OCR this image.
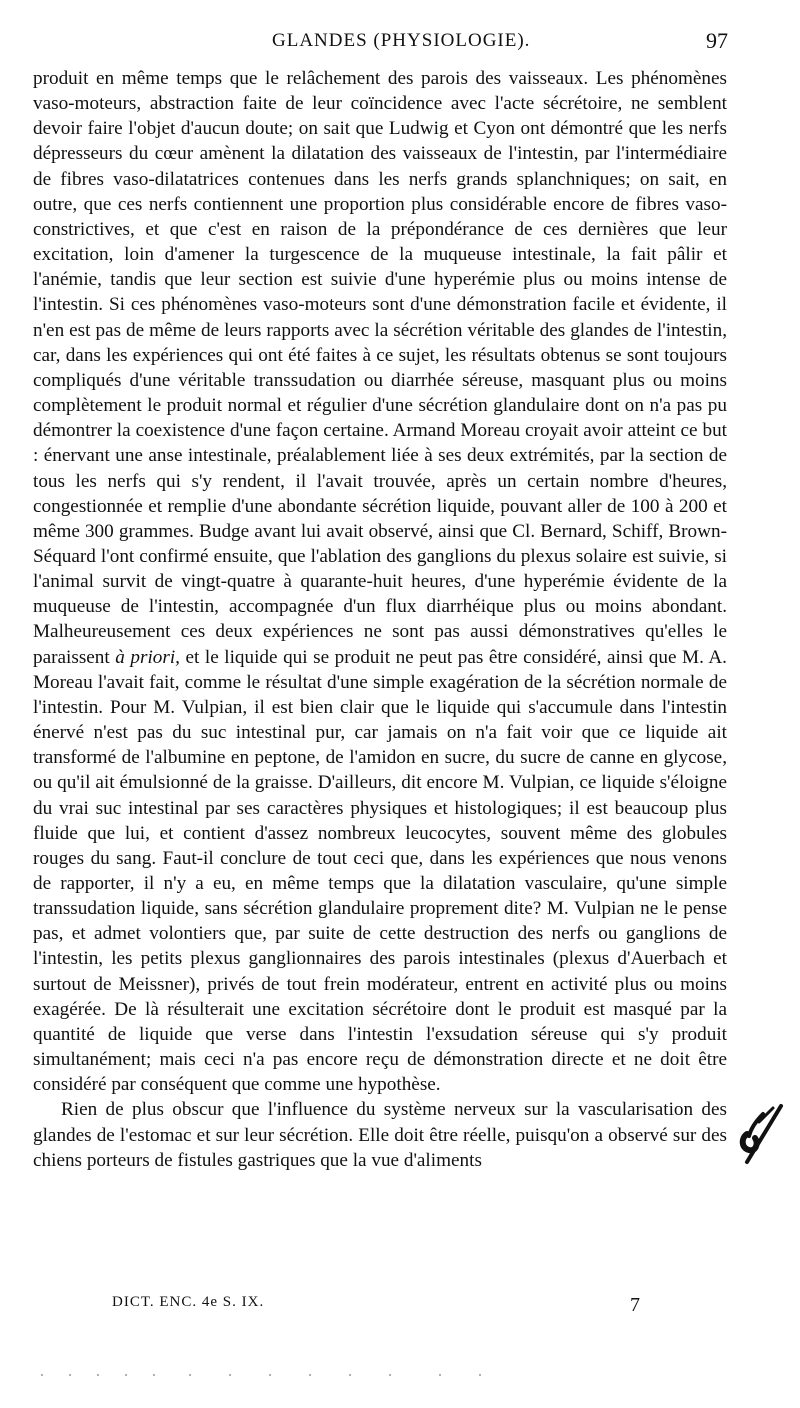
GLANDES (PHYSIOLOGIE).	97

produit en même temps que le relâchement des parois des vaisseaux. Les phénomènes vaso-moteurs, abstraction faite de leur coïncidence avec l'acte sécrétoire, ne semblent devoir faire l'objet d'aucun doute; on sait que Ludwig et Cyon ont démontré que les nerfs dépresseurs du cœur amènent la dilatation des vaisseaux de l'intestin, par l'intermédiaire de fibres vaso-dilatatrices contenues dans les nerfs grands splanchniques; on sait, en outre, que ces nerfs contiennent une proportion plus considérable encore de fibres vaso-constrictives, et que c'est en raison de la prépondérance de ces dernières que leur excitation, loin d'amener la turgescence de la muqueuse intestinale, la fait pâlir et l'anémie, tandis que leur section est suivie d'une hyperémie plus ou moins intense de l'intestin. Si ces phénomènes vaso-moteurs sont d'une démonstration facile et évidente, il n'en est pas de même de leurs rapports avec la sécrétion véritable des glandes de l'intestin, car, dans les expériences qui ont été faites à ce sujet, les résultats obtenus se sont toujours compliqués d'une véritable transsudation ou diarrhée séreuse, masquant plus ou moins complètement le produit normal et régulier d'une sécrétion glandulaire dont on n'a pas pu démontrer la coexistence d'une façon certaine. Armand Moreau croyait avoir atteint ce but : énervant une anse intestinale, préalablement liée à ses deux extrémités, par la section de tous les nerfs qui s'y rendent, il l'avait trouvée, après un certain nombre d'heures, congestionnée et remplie d'une abondante sécrétion liquide, pouvant aller de 100 à 200 et même 300 grammes. Budge avant lui avait observé, ainsi que Cl. Bernard, Schiff, Brown-Séquard l'ont confirmé ensuite, que l'ablation des ganglions du plexus solaire est suivie, si l'animal survit de vingt-quatre à quarante-huit heures, d'une hyperémie évidente de la muqueuse de l'intestin, accompagnée d'un flux diarrhéique plus ou moins abondant. Malheureusement ces deux expériences ne sont pas aussi démonstratives qu'elles le paraissent à priori, et le liquide qui se produit ne peut pas être considéré, ainsi que M. A. Moreau l'avait fait, comme le résultat d'une simple exagération de la sécrétion normale de l'intestin. Pour M. Vulpian, il est bien clair que le liquide qui s'accumule dans l'intestin énervé n'est pas du suc intestinal pur, car jamais on n'a fait voir que ce liquide ait transformé de l'albumine en peptone, de l'amidon en sucre, du sucre de canne en glycose, ou qu'il ait émulsionné de la graisse. D'ailleurs, dit encore M. Vulpian, ce liquide s'éloigne du vrai suc intestinal par ses caractères physiques et histologiques; il est beaucoup plus fluide que lui, et contient d'assez nombreux leucocytes, souvent même des globules rouges du sang. Faut-il conclure de tout ceci que, dans les expériences que nous venons de rapporter, il n'y a eu, en même temps que la dilatation vasculaire, qu'une simple transsudation liquide, sans sécrétion glandulaire proprement dite? M. Vulpian ne le pense pas, et admet volontiers que, par suite de cette destruction des nerfs ou ganglions de l'intestin, les petits plexus ganglionnaires des parois intestinales (plexus d'Auerbach et surtout de Meissner), privés de tout frein modérateur, entrent en activité plus ou moins exagérée. De là résulterait une excitation sécrétoire dont le produit est masqué par la quantité de liquide que verse dans l'intestin l'exsudation séreuse qui s'y produit simultanément; mais ceci n'a pas encore reçu de démonstration directe et ne doit être considéré par conséquent que comme une hypothèse.

Rien de plus obscur que l'influence du système nerveux sur la vascularisation des glandes de l'estomac et sur leur sécrétion. Elle doit être réelle, puisqu'on a observé sur des chiens porteurs de fistules gastriques que la vue d'aliments

DICT. ENC. 4e S. IX.	7
